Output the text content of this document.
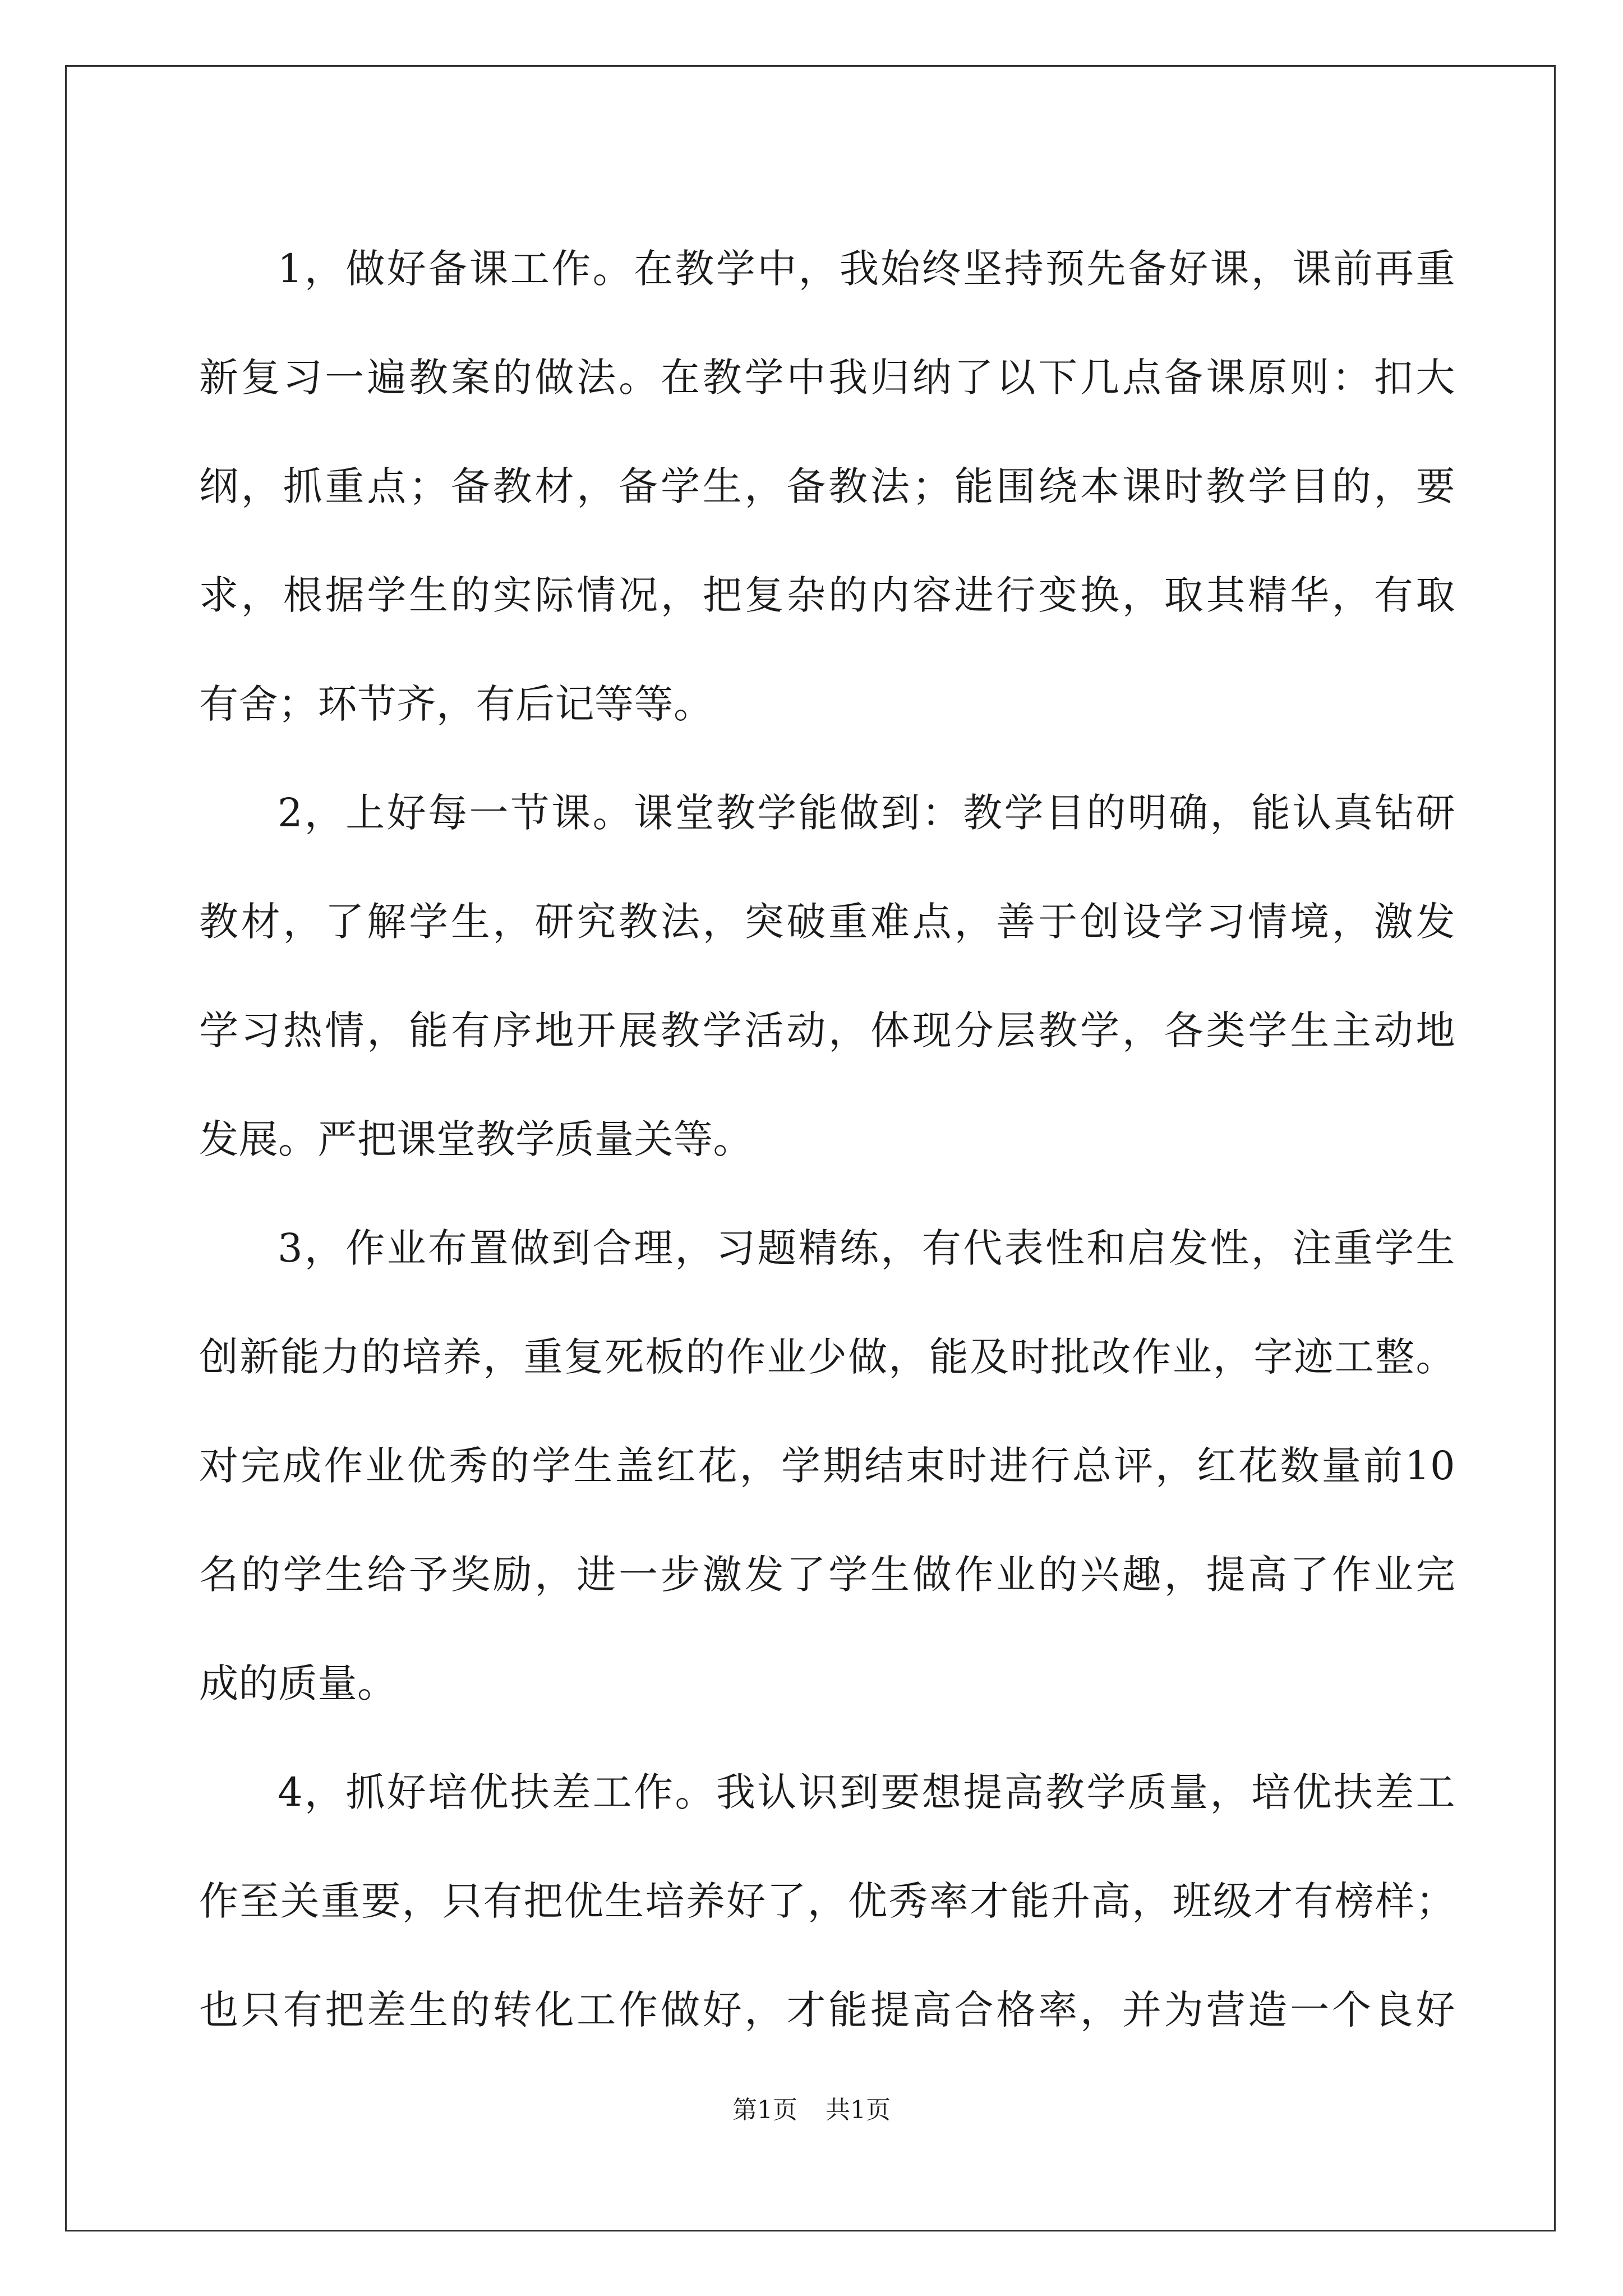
1，做好备课工作。在教学中，我始终坚持预先备好课，课前再重
新复习一遍教案的做法。在教学中我归纳了以下几点备课原则：扣大
纲，抓重点；备教材，备学生，备教法；能围绕本课时教学目的，要
求，根据学生的实际情况，把复杂的内容进行变换，取其精华，有取
有舍；环节齐，有后记等等。
2，上好每一节课。课堂教学能做到：教学目的明确，能认真钻研
教材，了解学生，研究教法，突破重难点，善于创设学习情境，激发
学习热情，能有序地开展教学活动，体现分层教学，各类学生主动地
发展。严把课堂教学质量关等。
3，作业布置做到合理，习题精练，有代表性和启发性，注重学生
创新能力的培养，重复死板的作业少做，能及时批改作业，字迹工整。
对完成作业优秀的学生盖红花，学期结束时进行总评，红花数量前10
名的学生给予奖励，进一步激发了学生做作业的兴趣，提高了作业完
成的质量。
4，抓好培优扶差工作。我认识到要想提高教学质量，培优扶差工
作至关重要，只有把优生培养好了，优秀率才能升高，班级才有榜样；
也只有把差生的转化工作做好，才能提高合格率，并为营造一个良好
第1页 共1页
